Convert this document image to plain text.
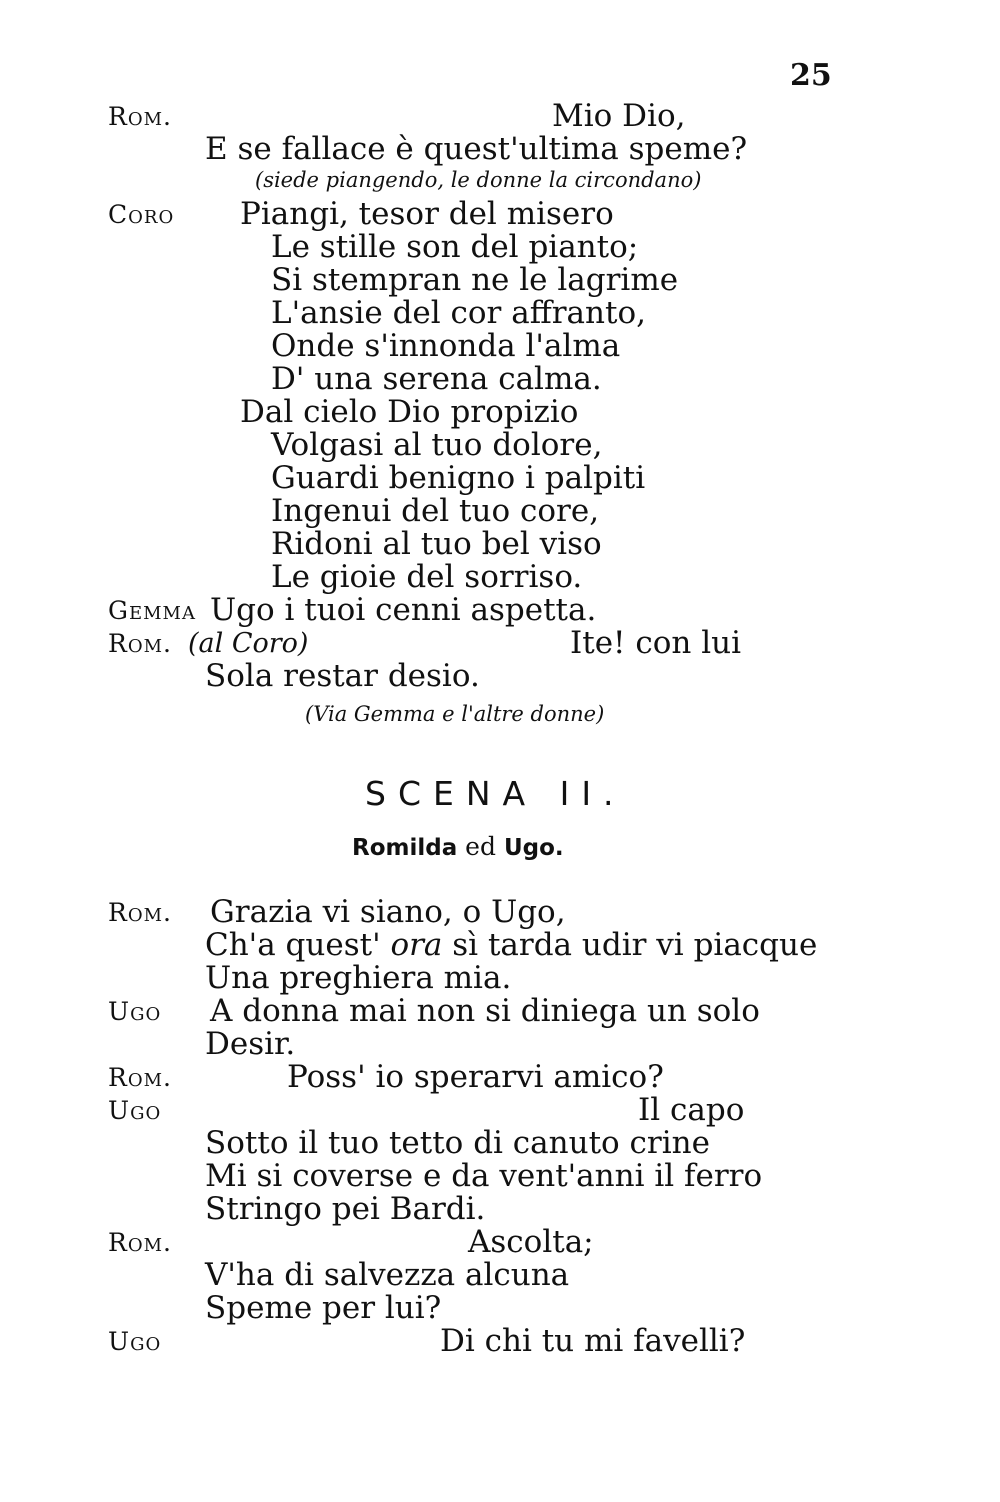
25
Rom.	Mio Dio,
E se fallace è quest'ultima speme?
(siede piangendo, le donne la circondano)
Coro Piangi, tesor del misero
Le stille son del pianto;
Si stempran ne le lagrime
L'ansie del cor affranto,
Onde s'innonda l'alma
D' una serena calma.
Dal cielo Dio propizio
Volgasi al tuo dolore,
Guardi benigno i palpiti
Ingenui del tuo core,
Ridoni al tuo bel viso
Le gioie del sorriso.
Gemma Ugo i tuoi cenni aspetta.
Rom. (al Coro)	Ite! con lui
Sola restar desio.
(Via Gemma e l'altre donne)
SCENA II.
Romilda ed Ugo.
Rom. Grazia vi siano, o Ugo,
Ch'a quest' ora sì tarda udir vi piacque
Una preghiera mia.
Ugo A donna mai non si diniega un solo
Desir.
Rom.	Poss' io sperarvi amico?
Ugo	Il capo
Sotto il tuo tetto di canuto crine
Mi si coverse e da vent'anni il ferro
Stringo pei Bardi.
Rom.	Ascolta;
V'ha di salvezza alcuna
Speme per lui?
Ugo	Di chi tu mi favelli?
